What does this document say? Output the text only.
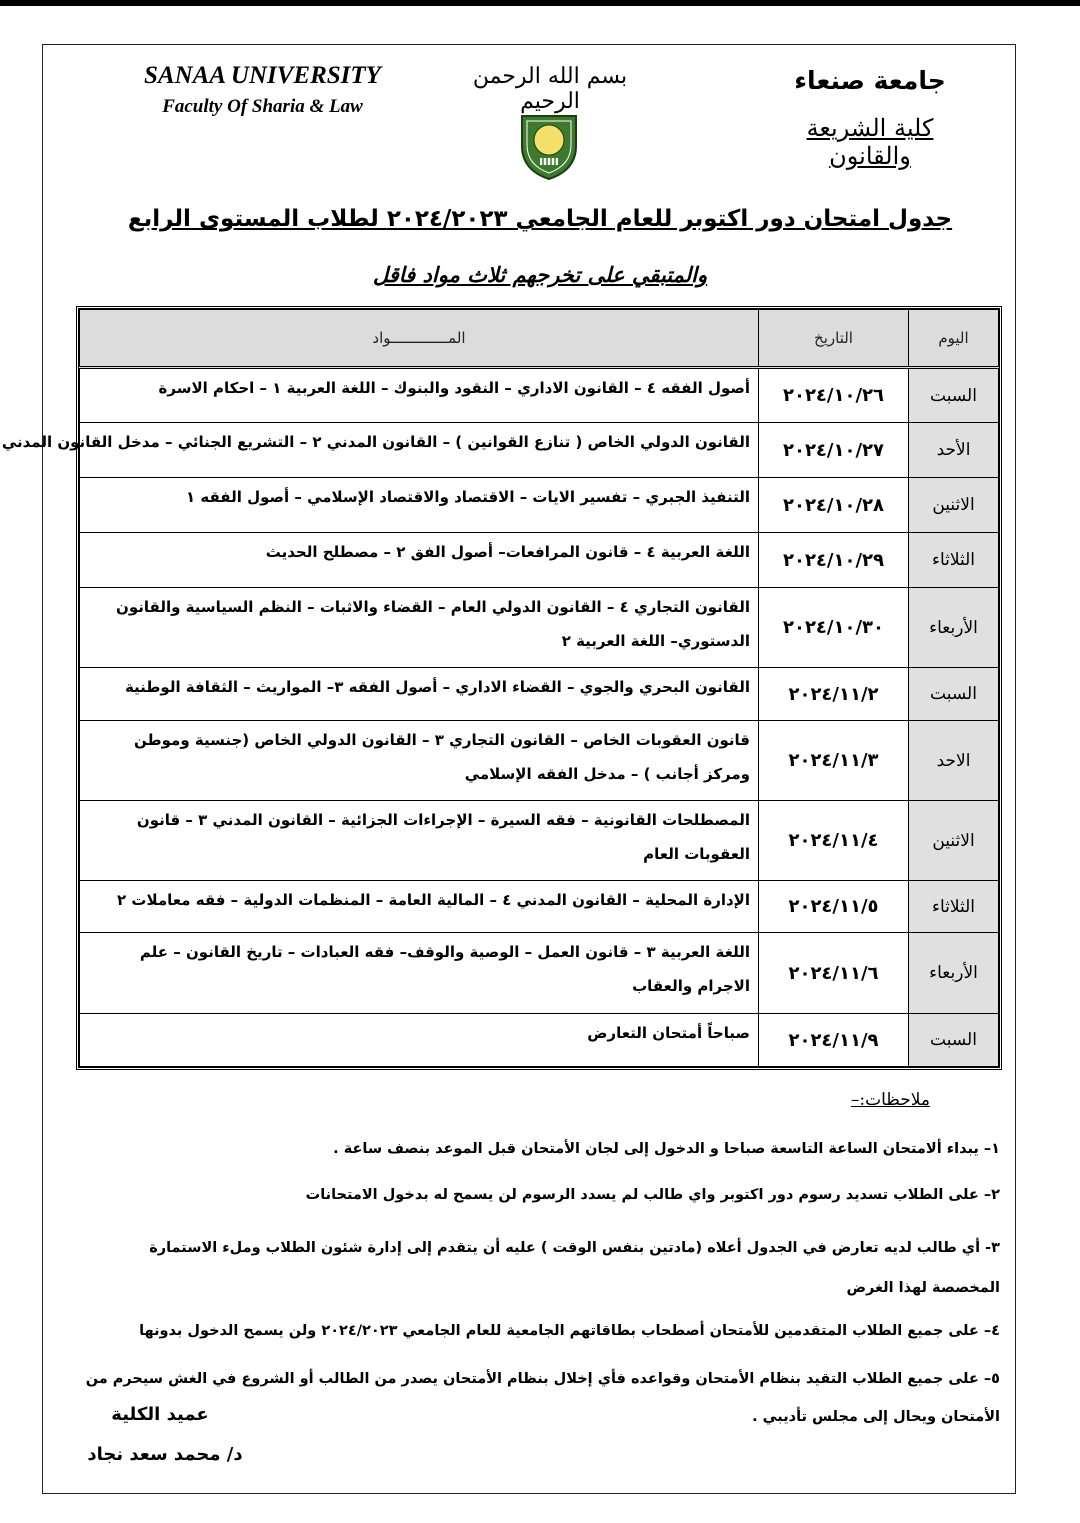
SANAA UNIVERSITY
Faculty Of Sharia & Law
بسم الله الرحمن الرحيم
جامعة صنعاء
كلية الشريعة والقانون
جدول امتحان دور اكتوبر للعام الجامعي ٢٠٢٤/٢٠٢٣ لطلاب المستوى الرابع
والمتبقي على تخرجهم ثلاث مواد فاقل
اليوم	التاريخ	المـــــــــــــواد
السبت	٢٠٢٤/١٠/٢٦	أصول الفقه ٤ – القانون الاداري – النقود والبنوك – اللغة العربية ١ – احكام الاسرة
الأحد	٢٠٢٤/١٠/٢٧	القانون الدولي الخاص ( تنازع القوانين ) – القانون المدني ٢ – التشريع الجنائي – مدخل القانون المدني
الاثنين	٢٠٢٤/١٠/٢٨	التنفيذ الجبري – تفسير الايات – الاقتصاد والاقتصاد الإسلامي – أصول الفقه ١
الثلاثاء	٢٠٢٤/١٠/٢٩	اللغة العربية ٤ – قانون المرافعات– أصول الفق ٢ – مصطلح الحديث
الأربعاء	٢٠٢٤/١٠/٣٠	القانون التجاري ٤ – القانون الدولي العام – القضاء والاثبات – النظم السياسية والقانون الدستوري– اللغة العربية ٢
السبت	٢٠٢٤/١١/٢	القانون البحري والجوي – القضاء الاداري – أصول الفقه ٣– المواريث – الثقافة الوطنية
الاحد	٢٠٢٤/١١/٣	قانون العقوبات الخاص – القانون التجاري ٣ – القانون الدولي الخاص (جنسية وموطن ومركز أجانب ) – مدخل الفقه الإسلامي
الاثنين	٢٠٢٤/١١/٤	المصطلحات القانونية – فقه السيرة – الإجراءات الجزائية – القانون المدني ٣ – قانون العقوبات العام
الثلاثاء	٢٠٢٤/١١/٥	الإدارة المحلية – القانون المدني ٤ – المالية العامة – المنظمات الدولية – فقه معاملات ٢
الأربعاء	٢٠٢٤/١١/٦	اللغة العربية ٣ – قانون العمل – الوصية والوقف– فقه العبادات – تاريخ القانون – علم الاجرام والعقاب
السبت	٢٠٢٤/١١/٩	صباحاً أمتحان التعارض
ملاحظات:–
١– يبداء ألامتحان الساعة التاسعة صباحا و الدخول إلى لجان الأمتحان قبل الموعد بنصف ساعة .
٢– على الطلاب تسديد رسوم دور اكتوبر واي طالب لم يسدد الرسوم لن يسمح له بدخول الامتحانات
٣- أي طالب لديه تعارض في الجدول أعلاه (مادتين بنفس الوقت ) عليه أن يتقدم إلى إدارة شئون الطلاب وملء الاستمارة المخصصة لهذا الغرض
٤– على جميع الطلاب المتقدمين للأمتحان أصطحاب بطاقاتهم الجامعية للعام الجامعي ٢٠٢٤/٢٠٢٣ ولن يسمح الدخول بدونها
٥– على جميع الطلاب التقيد بنظام الأمتحان وقواعده فأي إخلال بنظام الأمتحان يصدر من الطالب أو الشروع في الغش سيحرم من
الأمتحان ويحال إلى مجلس تأديبي .
عميد الكلية
د/ محمد سعد نجاد
